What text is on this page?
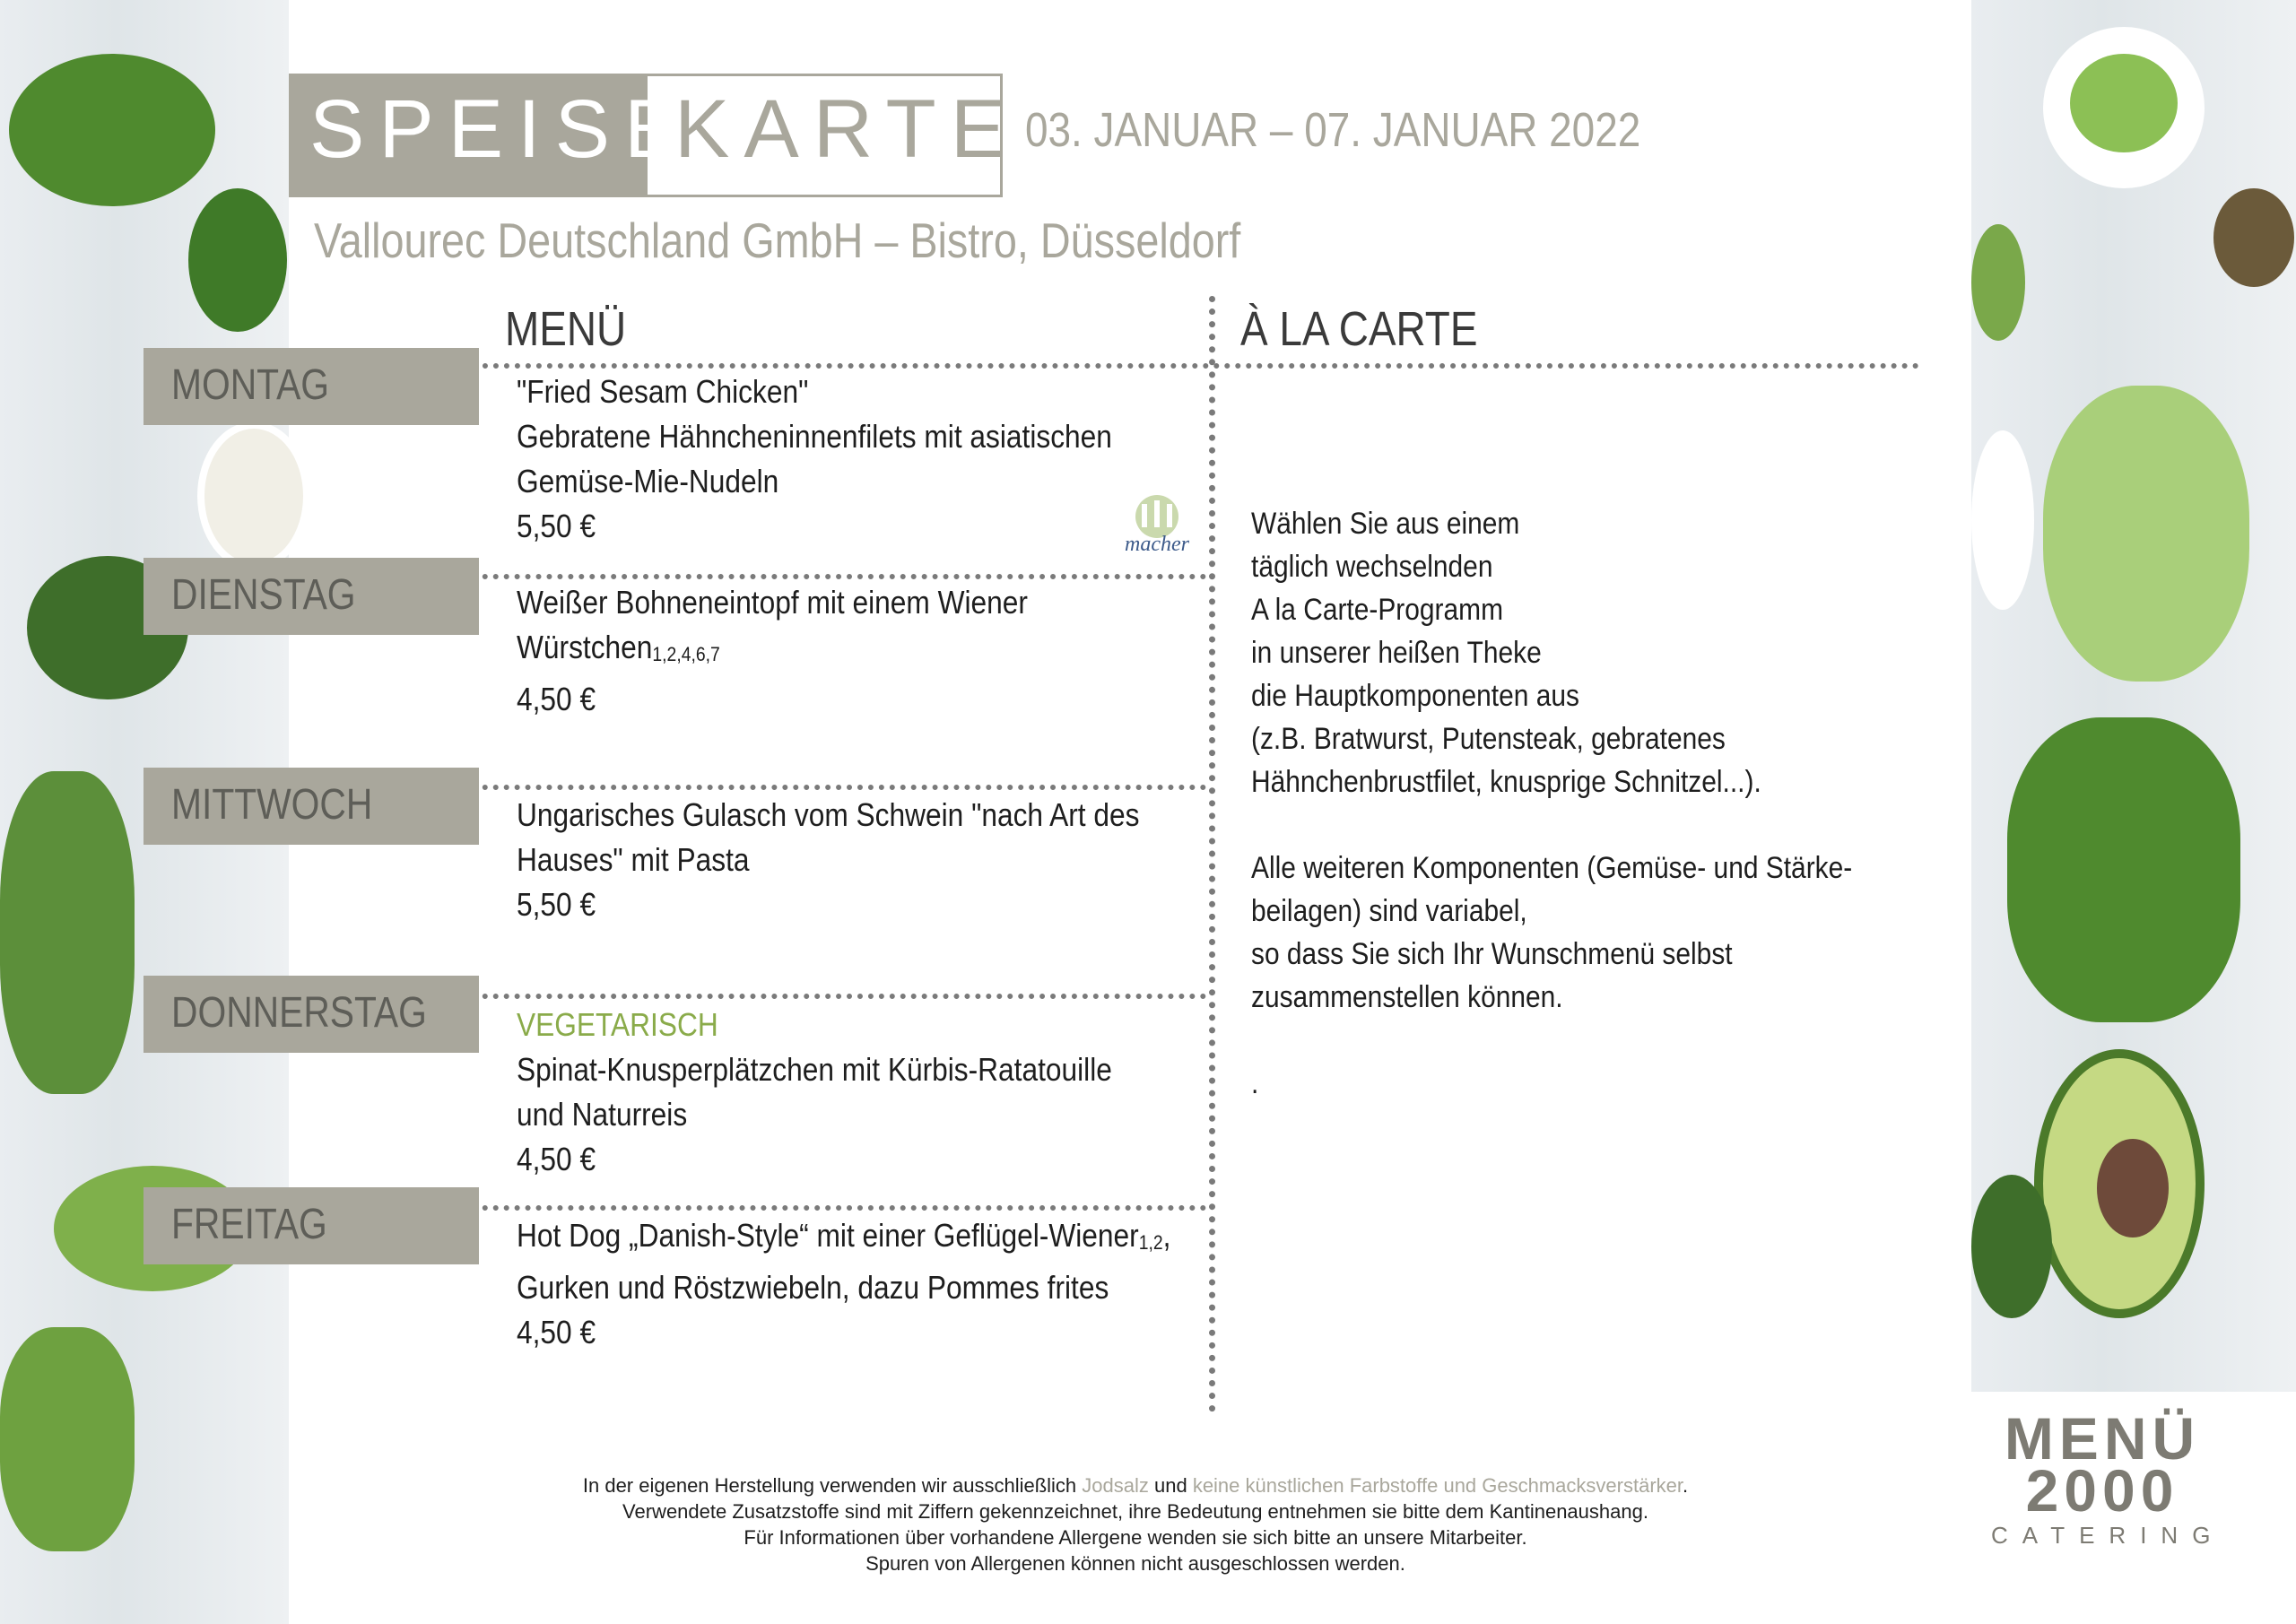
SPEISE
KARTE 03. JANUAR – 07. JANUAR 2022
Vallourec Deutschland GmbH – Bistro, Düsseldorf
MENÜ	À LA CARTE
MONTAG
DIENSTAG
MITTWOCH
DONNERSTAG
FREITAG
"Fried Sesam Chicken"
Gebratene Hähncheninnenfilets mit asiatischen
Gemüse-Mie-Nudeln
5,50 €
Weißer Bohneneintopf mit einem Wiener
Würstchen$_{1,2,4,6,7}$
4,50 €
Ungarisches Gulasch vom Schwein "nach Art des
Hauses" mit Pasta
5,50 €
VEGETARISCH
Spinat-Knusperplätzchen mit Kürbis-Ratatouille
und Naturreis
4,50 €
Hot Dog „Danish-Style“ mit einer Geflügel-Wiener$_{1,2}$,
Gurken und Röstzwiebeln, dazu Pommes frites
4,50 €
macher
Wählen Sie aus einem
täglich wechselnden
A la Carte-Programm
in unserer heißen Theke
die Hauptkomponenten aus
(z.B. Bratwurst, Putensteak, gebratenes
Hähnchenbrustfilet, knusprige Schnitzel...).

Alle weiteren Komponenten (Gemüse- und Stärke-
beilagen) sind variabel,
so dass Sie sich Ihr Wunschmenü selbst
zusammenstellen können.

.
In der eigenen Herstellung verwenden wir ausschließlich Jodsalz und keine künstlichen Farbstoffe und Geschmacksverstärker.
Verwendete Zusatzstoffe sind mit Ziffern gekennzeichnet, ihre Bedeutung entnehmen sie bitte dem Kantinenaushang.
Für Informationen über vorhandene Allergene wenden sie sich bitte an unsere Mitarbeiter.
Spuren von Allergenen können nicht ausgeschlossen werden.
MENÜ
2000
CATERING
